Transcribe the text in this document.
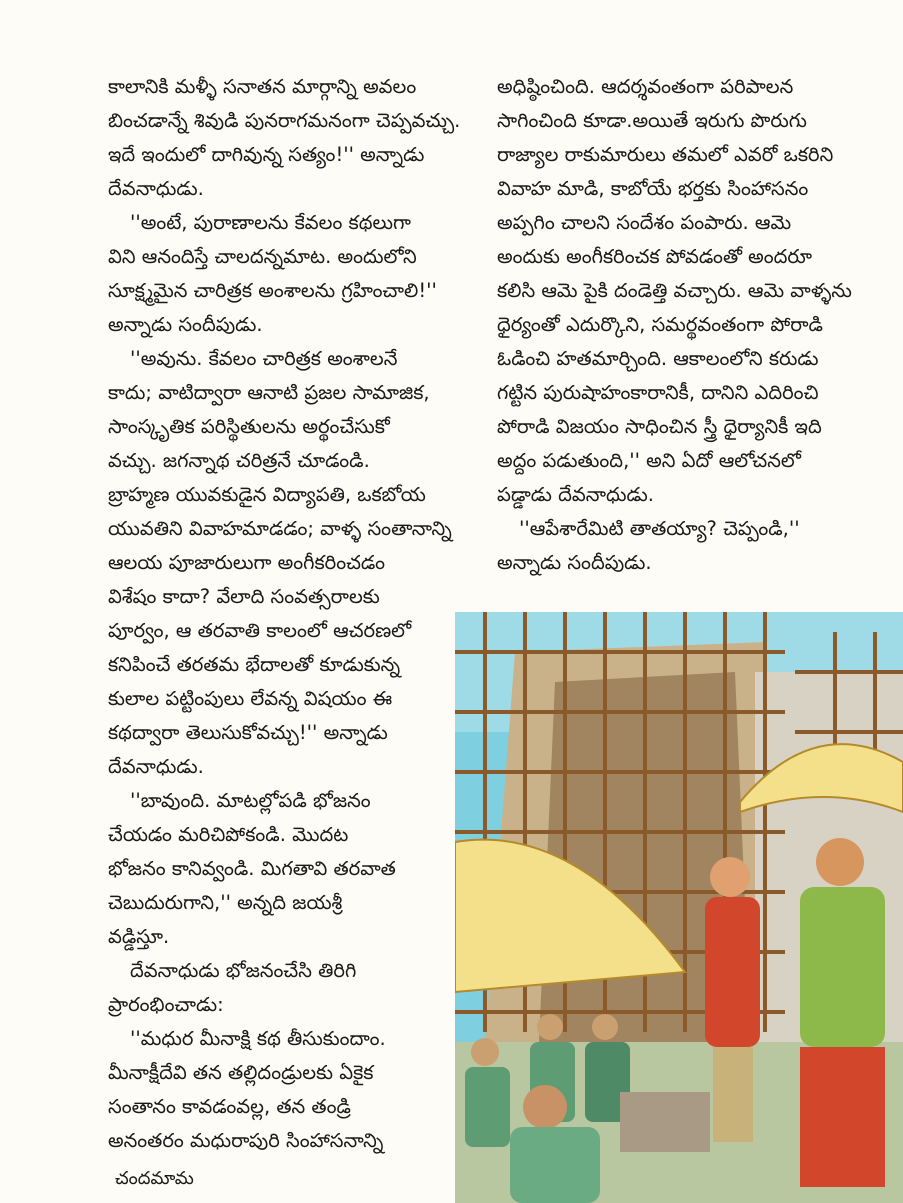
కాలానికి మళ్ళీ సనాతన మార్గాన్ని అవలం

బించడాన్నే శివుడి పునరాగమనంగా చెప్పవచ్చు.

ఇదే ఇందులో దాగివున్న సత్యం!'' అన్నాడు

దేవనాధుడు.

''అంటే, పురాణాలను కేవలం కథలుగా

విని ఆనందిస్తే చాలదన్నమాట. అందులోని

సూక్ష్మమైన చారిత్రక అంశాలను గ్రహించాలి!''

అన్నాడు సందీపుడు.

''అవును. కేవలం చారిత్రక అంశాలనే

కాదు; వాటిద్వారా ఆనాటి ప్రజల సామాజిక,

సాంస్కృతిక పరిస్థితులను అర్థంచేసుకో

వచ్చు. జగన్నాథ చరిత్రనే చూడండి.

బ్రాహ్మణ యువకుడైన విద్యాపతి, ఒకబోయ

యువతిని వివాహమాడడం; వాళ్ళ సంతానాన్ని

ఆలయ పూజారులుగా అంగీకరించడం

విశేషం కాదా? వేలాది సంవత్సరాలకు

పూర్వం, ఆ తరవాతి కాలంలో ఆచరణలో

కనిపించే తరతమ భేదాలతో కూడుకున్న

కులాల పట్టింపులు లేవన్న విషయం ఈ

కథద్వారా తెలుసుకోవచ్చు!'' అన్నాడు

దేవనాధుడు.

''బావుంది. మాటల్లోపడి భోజనం

చేయడం మరిచిపోకండి. మొదట

భోజనం కానివ్వండి. మిగతావి తరవాత

చెబుదురుగాని,'' అన్నది జయశ్రీ

వడ్డిస్తూ.

దేవనాధుడు భోజనంచేసి తిరిగి

ప్రారంభించాడు:

''మధుర మీనాక్షి కథ తీసుకుందాం.

మీనాక్షీదేవి తన తల్లిదండ్రులకు ఏకైక

సంతానం కావడంవల్ల, తన తండ్రి

అనంతరం మధురాపురి సింహాసనాన్ని

అధిష్ఠించింది. ఆదర్శవంతంగా పరిపాలన

సాగించింది కూడా.అయితే ఇరుగు పొరుగు

రాజ్యాల రాకుమారులు తమలో ఎవరో ఒకరిని

వివాహ మాడి, కాబోయే భర్తకు సింహాసనం

అప్పగిం చాలని సందేశం పంపారు. ఆమె

అందుకు అంగీకరించక పోవడంతో అందరూ

కలిసి ఆమె పైకి దండెత్తి వచ్చారు. ఆమె వాళ్ళను

ధైర్యంతో ఎదుర్కొని, సమర్థవంతంగా పోరాడి

ఓడించి హతమార్చింది. ఆకాలంలోని కరుడు

గట్టిన పురుషాహంకారానికీ, దానిని ఎదిరించి

పోరాడి విజయం సాధించిన స్త్రీ ధైర్యానికీ ఇది

అద్దం పడుతుంది,'' అని ఏదో ఆలోచనలో

పడ్డాడు దేవనాధుడు.

''ఆపేశారేమిటి తాతయ్యా? చెప్పండి,''

అన్నాడు సందీపుడు.

చందమామ
